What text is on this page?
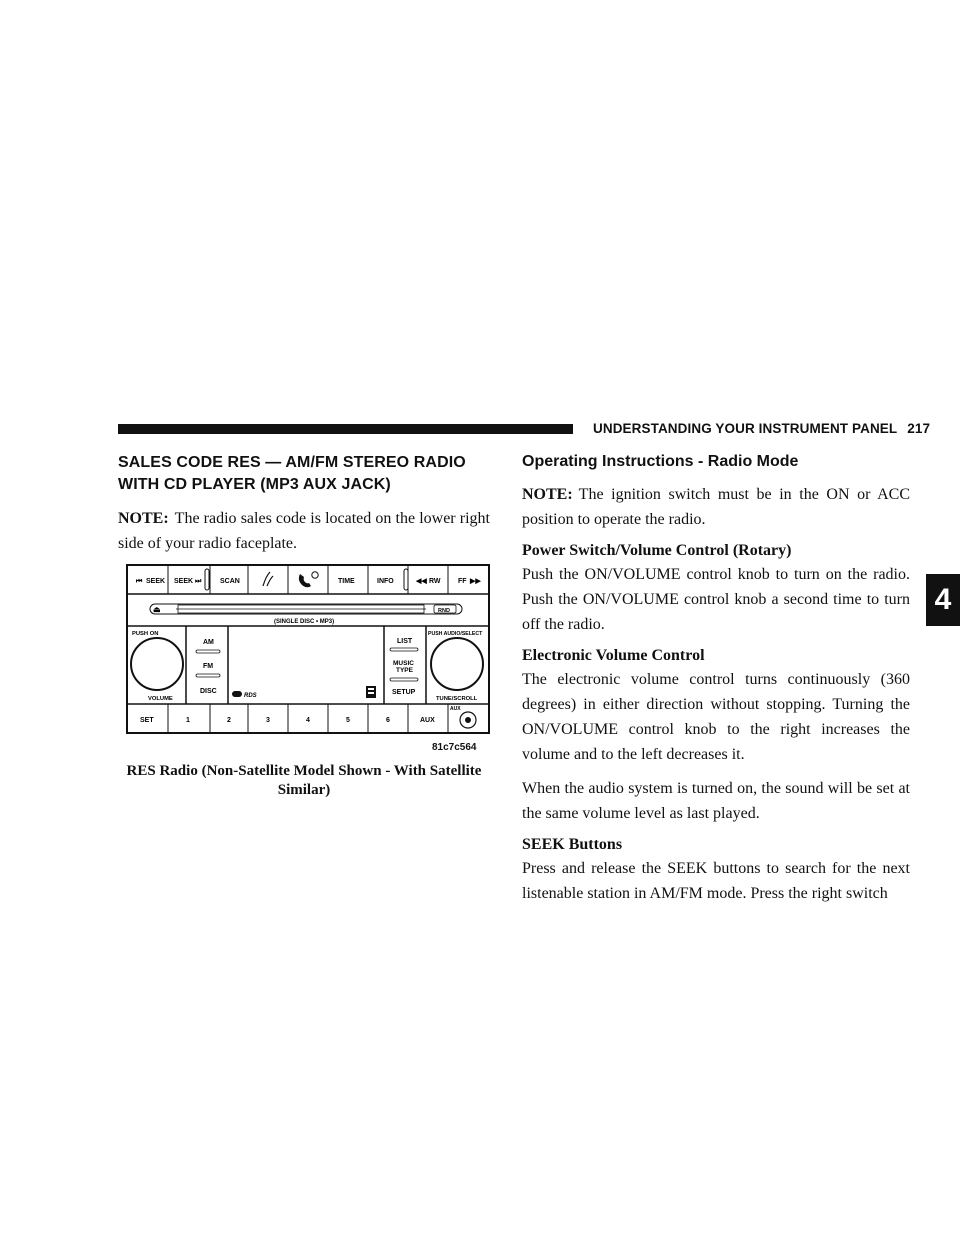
UNDERSTANDING YOUR INSTRUMENT PANEL 217
4
SALES CODE RES — AM/FM STEREO RADIO
WITH CD PLAYER (MP3 AUX JACK)

NOTE: The radio sales code is located on the lower right side of your radio faceplate.

⏮ SEEK SEEK ⏭	SCAN	TIME	INFO	◀◀ RW FF ▶▶
⏏	RND
(SINGLE DISC • MP3)
PUSH ON
VOLUME
AM
FM
DISC
RDS
LIST
MUSIC
TYPE
SETUP
PUSH AUDIO/SELECT
TUNE/SCROLL
SET	1	2	3	4	5	6	AUX
AUX
81c7c564
RES Radio (Non-Satellite Model Shown - With Satellite Similar)
Operating Instructions - Radio Mode

NOTE: The ignition switch must be in the ON or ACC position to operate the radio.

Power Switch/Volume Control (Rotary)

Push the ON/VOLUME control knob to turn on the radio. Push the ON/VOLUME control knob a second time to turn off the radio.

Electronic Volume Control

The electronic volume control turns continuously (360 degrees) in either direction without stopping. Turning the ON/VOLUME control knob to the right increases the volume and to the left decreases it.

When the audio system is turned on, the sound will be set at the same volume level as last played.

SEEK Buttons

Press and release the SEEK buttons to search for the next listenable station in AM/FM mode. Press the right switch
